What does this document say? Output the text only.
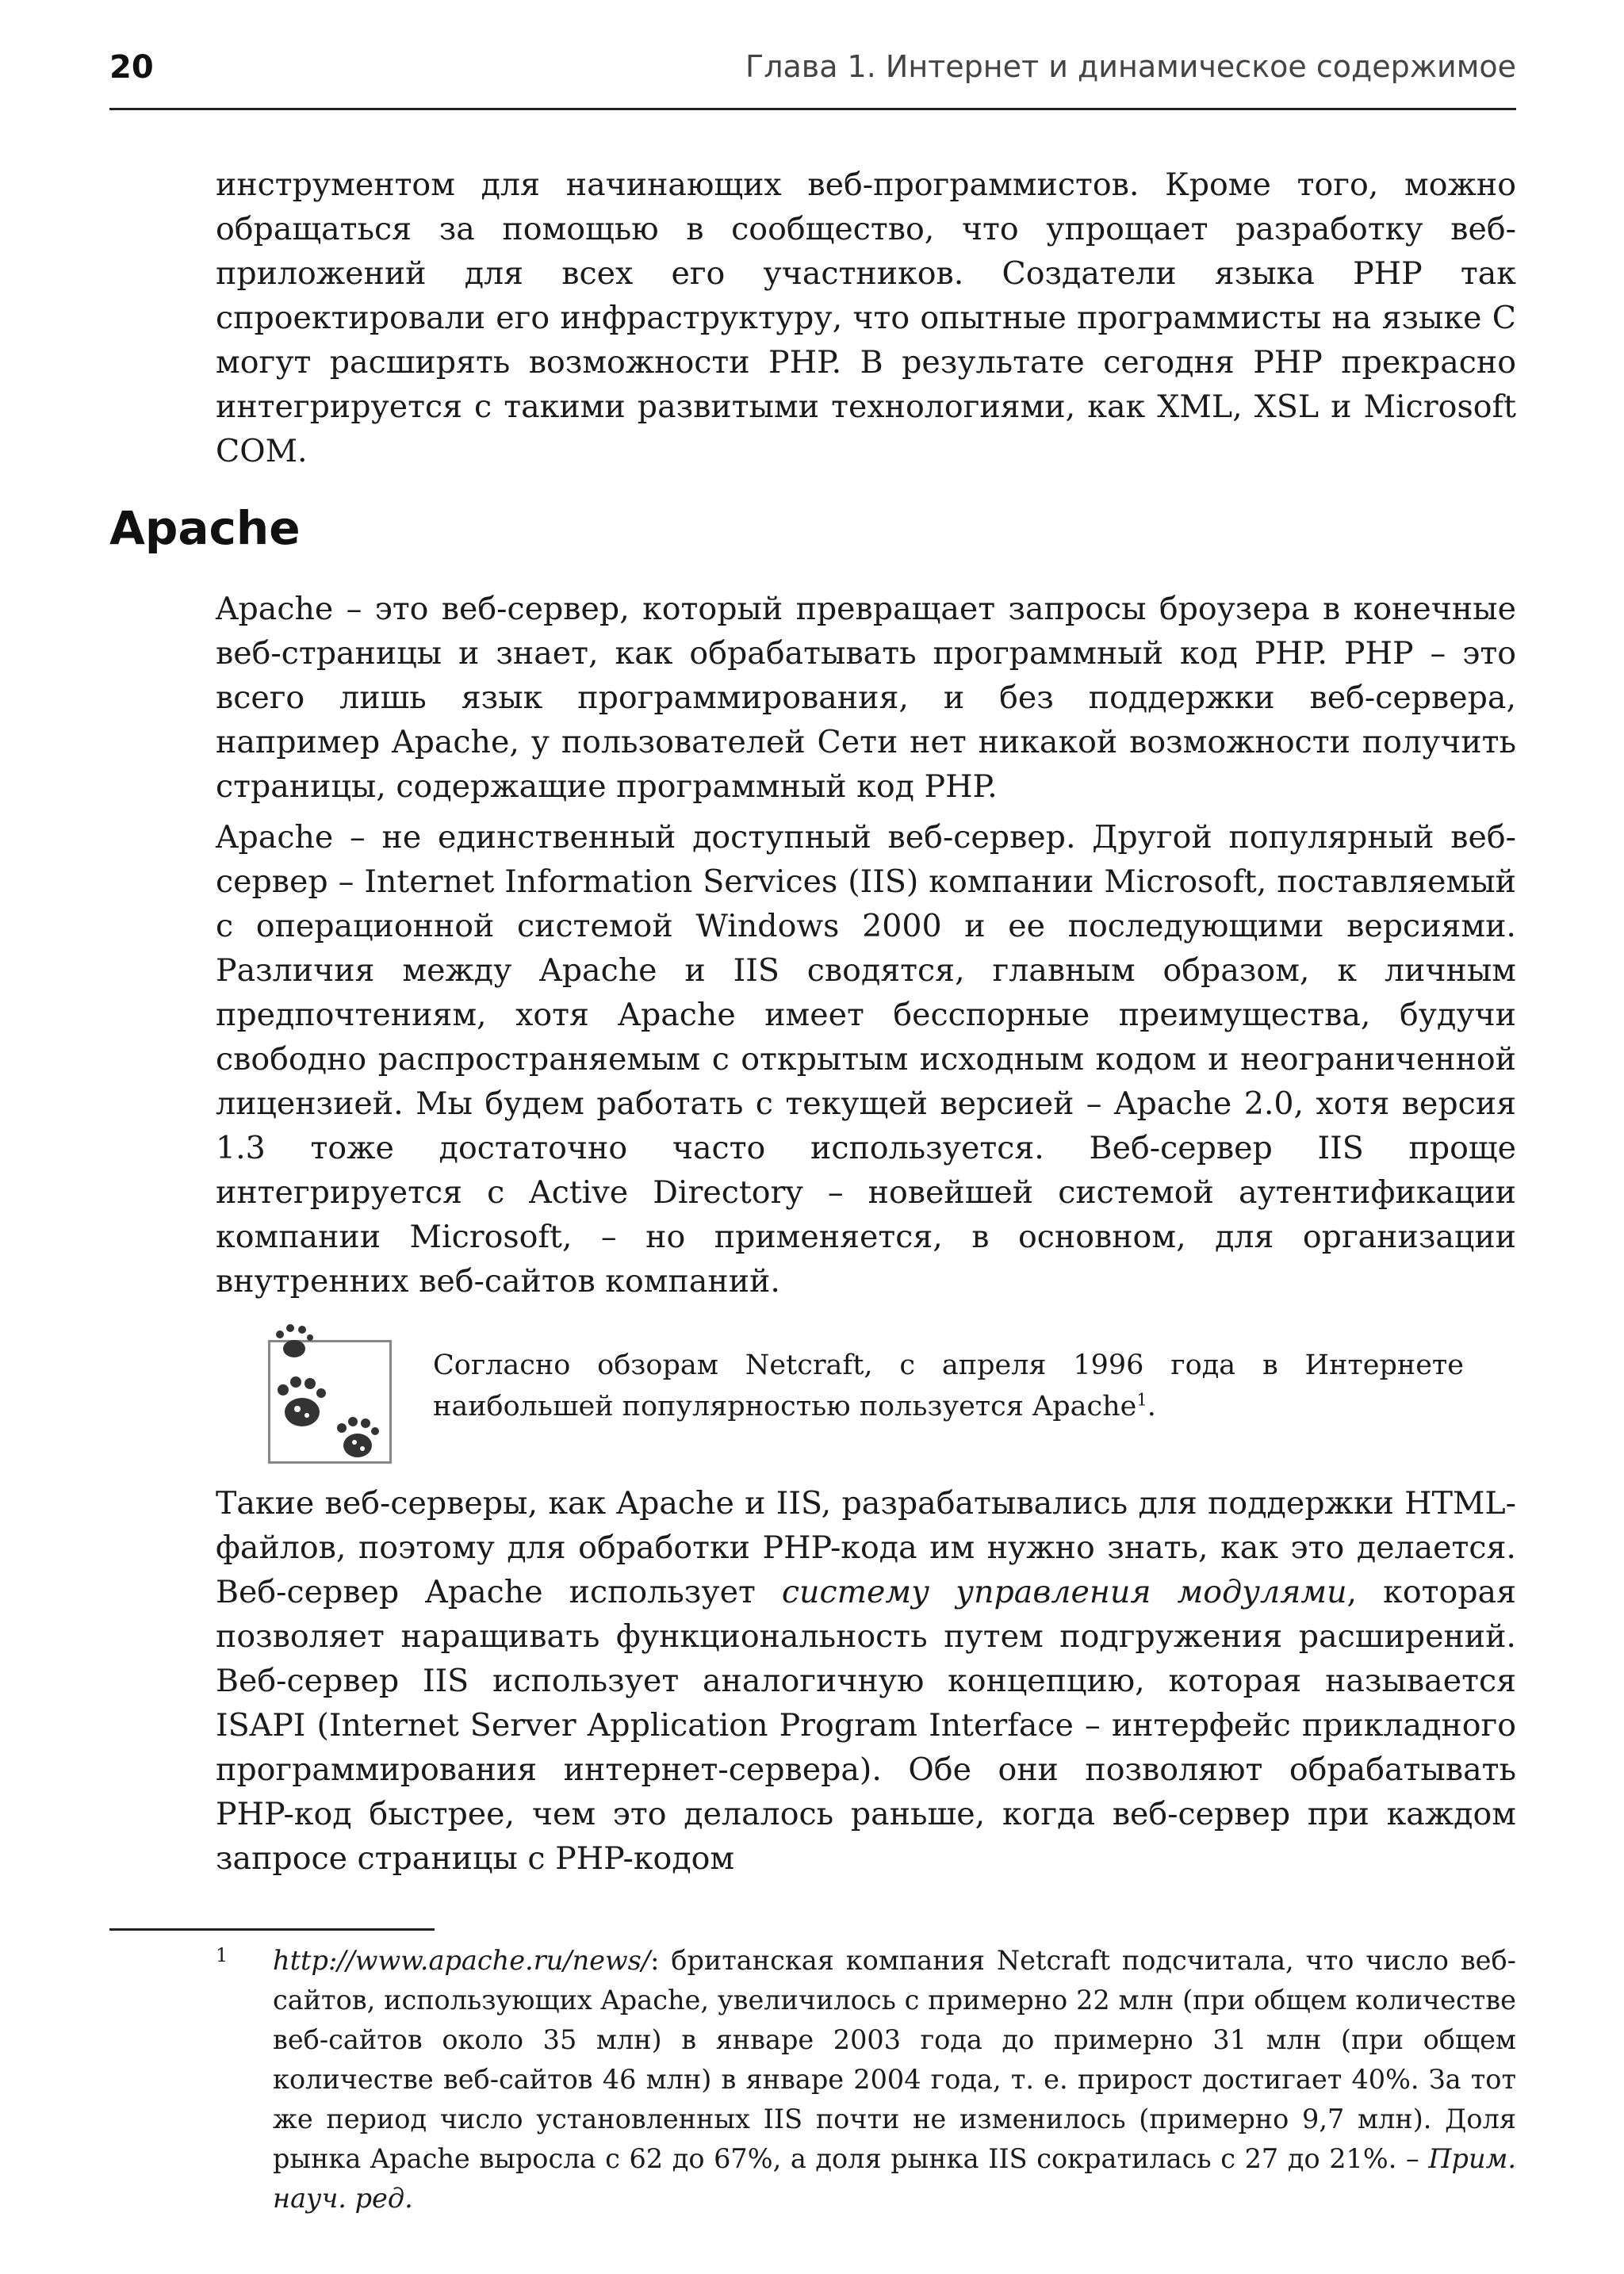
20	Глава 1. Интернет и динамическое содержимое

инструментом для начинающих веб-программистов. Кроме того, можно обращаться за помощью в сообщество, что упрощает разработку веб-приложений для всех его участников. Создатели языка PHP так спроектировали его инфраструктуру, что опытные программисты на языке С могут расширять возможности PHP. В результате сегодня PHP прекрасно интегрируется с такими развитыми технологиями, как XML, XSL и Microsoft COM.

Apache

Apache – это веб-сервер, который превращает запросы броузера в конечные веб-страницы и знает, как обрабатывать программный код PHP. PHP – это всего лишь язык программирования, и без поддержки веб-сервера, например Apache, у пользователей Сети нет никакой возможности получить страницы, содержащие программный код PHP.

Apache – не единственный доступный веб-сервер. Другой популярный веб-сервер – Internet Information Services (IIS) компании Microsoft, поставляемый с операционной системой Windows 2000 и ее последующими версиями. Различия между Apache и IIS сводятся, главным образом, к личным предпочтениям, хотя Apache имеет бесспорные преимущества, будучи свободно распространяемым с открытым исходным кодом и неограниченной лицензией. Мы будем работать с текущей версией – Apache 2.0, хотя версия 1.3 тоже достаточно часто используется. Веб-сервер IIS проще интегрируется с Active Directory – новейшей системой аутентификации компании Microsoft, – но применяется, в основном, для организации внутренних веб-сайтов компаний.

Согласно обзорам Netcraft, с апреля 1996 года в Интернете наибольшей популярностью пользуется Apache$^1$.

Такие веб-серверы, как Apache и IIS, разрабатывались для поддержки HTML-файлов, поэтому для обработки PHP-кода им нужно знать, как это делается. Веб-сервер Apache использует систему управления модулями, которая позволяет наращивать функциональность путем подгружения расширений. Веб-сервер IIS использует аналогичную концепцию, которая называется ISAPI (Internet Server Application Program Interface – интерфейс прикладного программирования интернет-сервера). Обе они позволяют обрабатывать PHP-код быстрее, чем это делалось раньше, когда веб-сервер при каждом запросе страницы с PHP-кодом

1 http://www.apache.ru/news/: британская компания Netcraft подсчитала, что число веб-сайтов, использующих Apache, увеличилось с примерно 22 млн (при общем количестве веб-сайтов около 35 млн) в январе 2003 года до примерно 31 млн (при общем количестве веб-сайтов 46 млн) в январе 2004 года, т. е. прирост достигает 40%. За тот же период число установленных IIS почти не изменилось (примерно 9,7 млн). Доля рынка Apache выросла с 62 до 67%, а доля рынка IIS сократилась с 27 до 21%. – Прим. науч. ред.
